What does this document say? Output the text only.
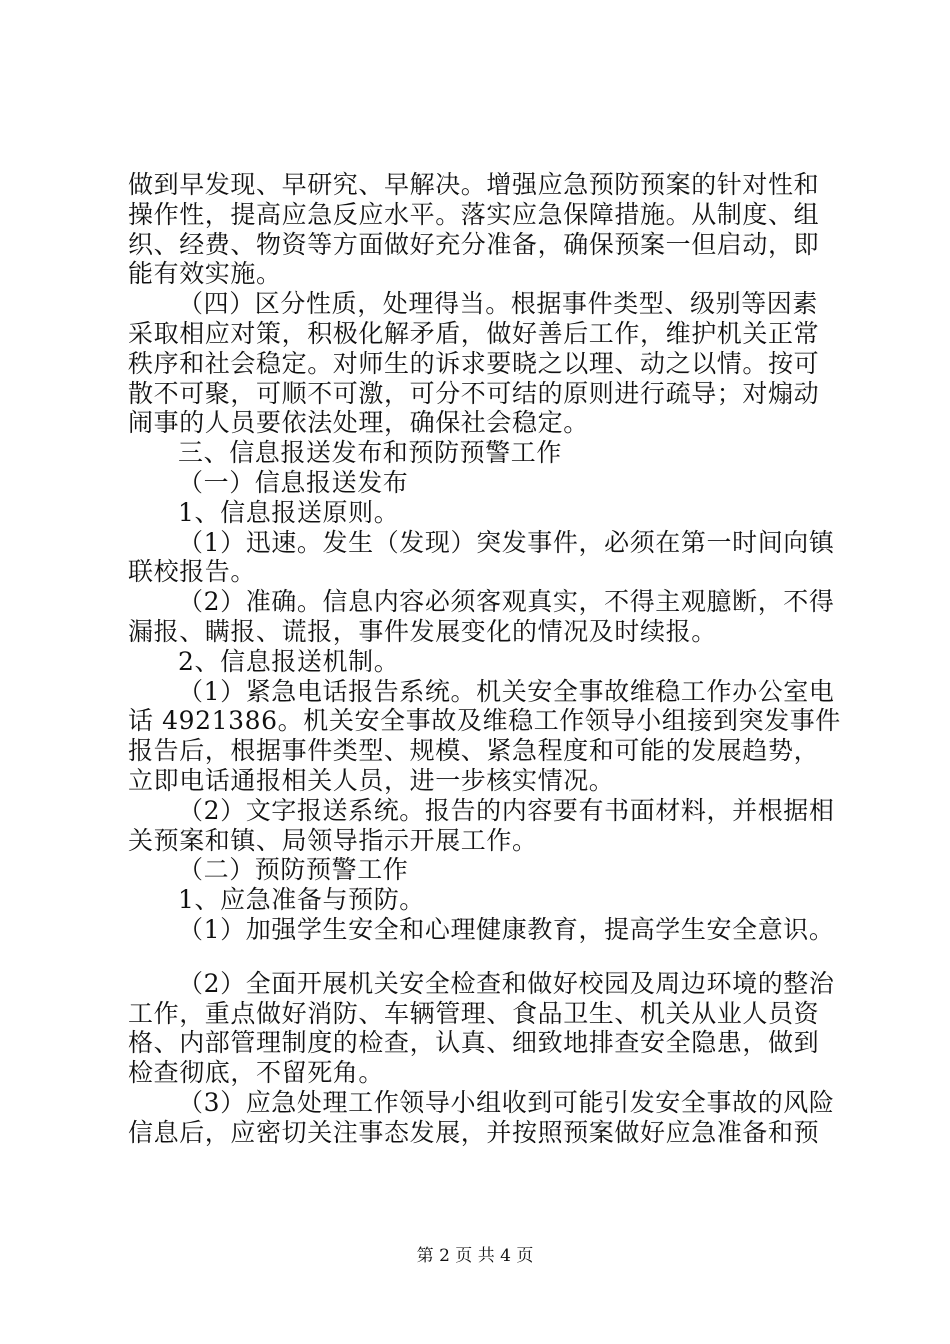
做到早发现、早研究、早解决。增强应急预防预案的针对性和
操作性，提高应急反应水平。落实应急保障措施。从制度、组
织、经费、物资等方面做好充分准备，确保预案一但启动，即
能有效实施。
（四）区分性质，处理得当。根据事件类型、级别等因素
采取相应对策，积极化解矛盾，做好善后工作，维护机关正常
秩序和社会稳定。对师生的诉求要晓之以理、动之以情。按可
散不可聚，可顺不可激，可分不可结的原则进行疏导；对煽动
闹事的人员要依法处理，确保社会稳定。
三、信息报送发布和预防预警工作
（一）信息报送发布
1、信息报送原则。
（1）迅速。发生（发现）突发事件，必须在第一时间向镇
联校报告。
（2）准确。信息内容必须客观真实，不得主观臆断，不得
漏报、瞒报、谎报，事件发展变化的情况及时续报。
2、信息报送机制。
（1）紧急电话报告系统。机关安全事故维稳工作办公室电
话 4921386。机关安全事故及维稳工作领导小组接到突发事件
报告后，根据事件类型、规模、紧急程度和可能的发展趋势，
立即电话通报相关人员，进一步核实情况。
（2）文字报送系统。报告的内容要有书面材料，并根据相
关预案和镇、局领导指示开展工作。
（二）预防预警工作
1、应急准备与预防。
（1）加强学生安全和心理健康教育，提高学生安全意识。
（2）全面开展机关安全检查和做好校园及周边环境的整治
工作，重点做好消防、车辆管理、食品卫生、机关从业人员资
格、内部管理制度的检查，认真、细致地排查安全隐患，做到
检查彻底，不留死角。
（3）应急处理工作领导小组收到可能引发安全事故的风险
信息后，应密切关注事态发展，并按照预案做好应急准备和预
第 2 页 共 4 页
